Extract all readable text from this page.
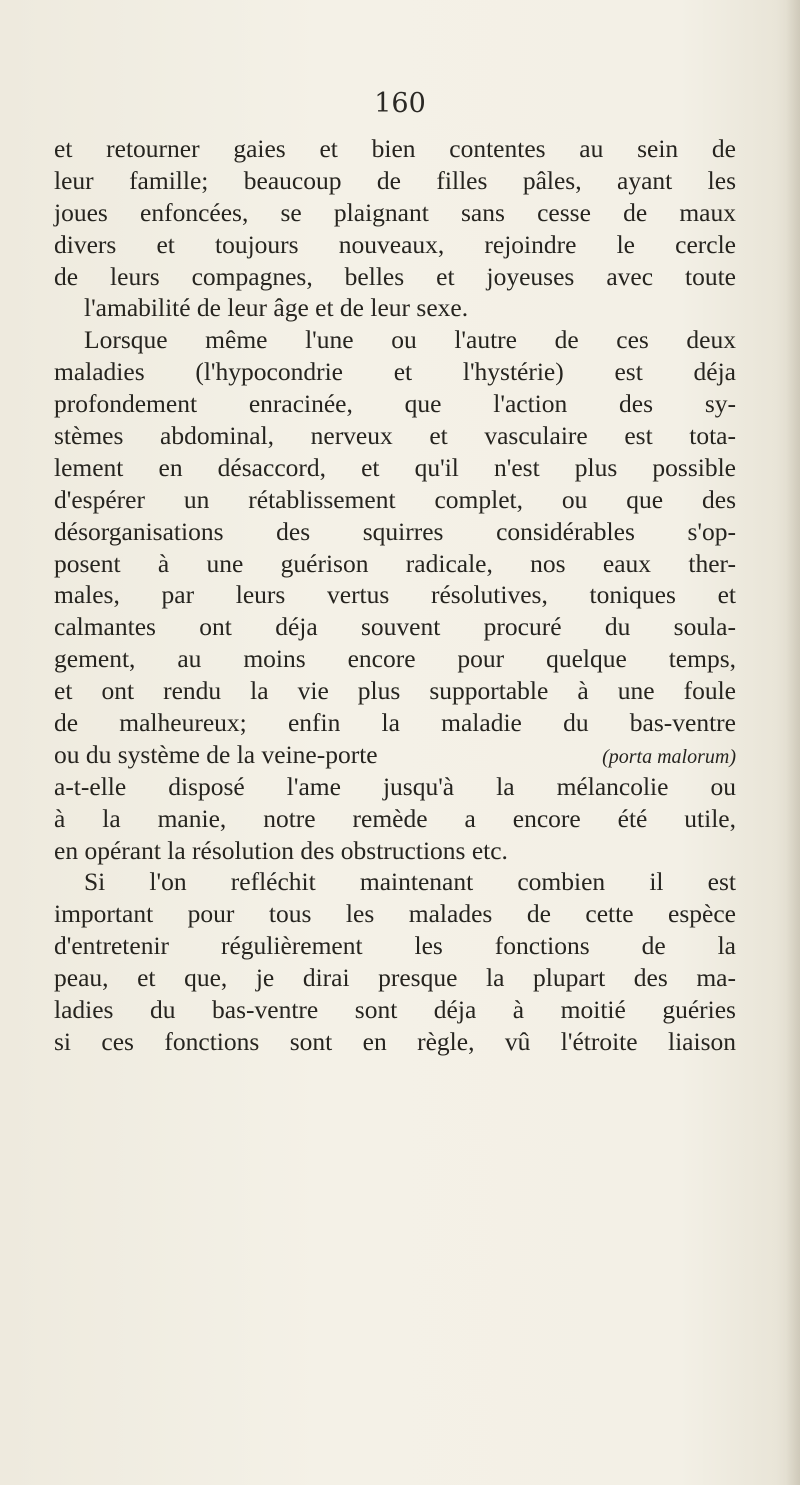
160
et retourner gaies et bien contentes au sein de
leur famille; beaucoup de filles pâles, ayant les
joues enfoncées, se plaignant sans cesse de maux
divers et toujours nouveaux, rejoindre le cercle
de leurs compagnes, belles et joyeuses avec toute
l'amabilité de leur âge et de leur sexe.
Lorsque même l'une ou l'autre de ces deux
maladies (l'hypocondrie et l'hystérie) est déja
profondement enracinée, que l'action des sy-
stèmes abdominal, nerveux et vasculaire est tota-
lement en désaccord, et qu'il n'est plus possible
d'espérer un rétablissement complet, ou que des
désorganisations des squirres considérables s'op-
posent à une guérison radicale, nos eaux ther-
males, par leurs vertus résolutives, toniques et
calmantes ont déja souvent procuré du soula-
gement, au moins encore pour quelque temps,
et ont rendu la vie plus supportable à une foule
de malheureux; enfin la maladie du bas-ventre
ou du système de la veine-porte	(porta malorum)
a-t-elle disposé l'ame jusqu'à la mélancolie ou
à la manie, notre remède a encore été utile,
en opérant la résolution des obstructions etc.
Si l'on refléchit maintenant combien il est
important pour tous les malades de cette espèce
d'entretenir régulièrement les fonctions de la
peau, et que, je dirai presque la plupart des ma-
ladies du bas-ventre sont déja à moitié guéries
si ces fonctions sont en règle, vû l'étroite liaison
